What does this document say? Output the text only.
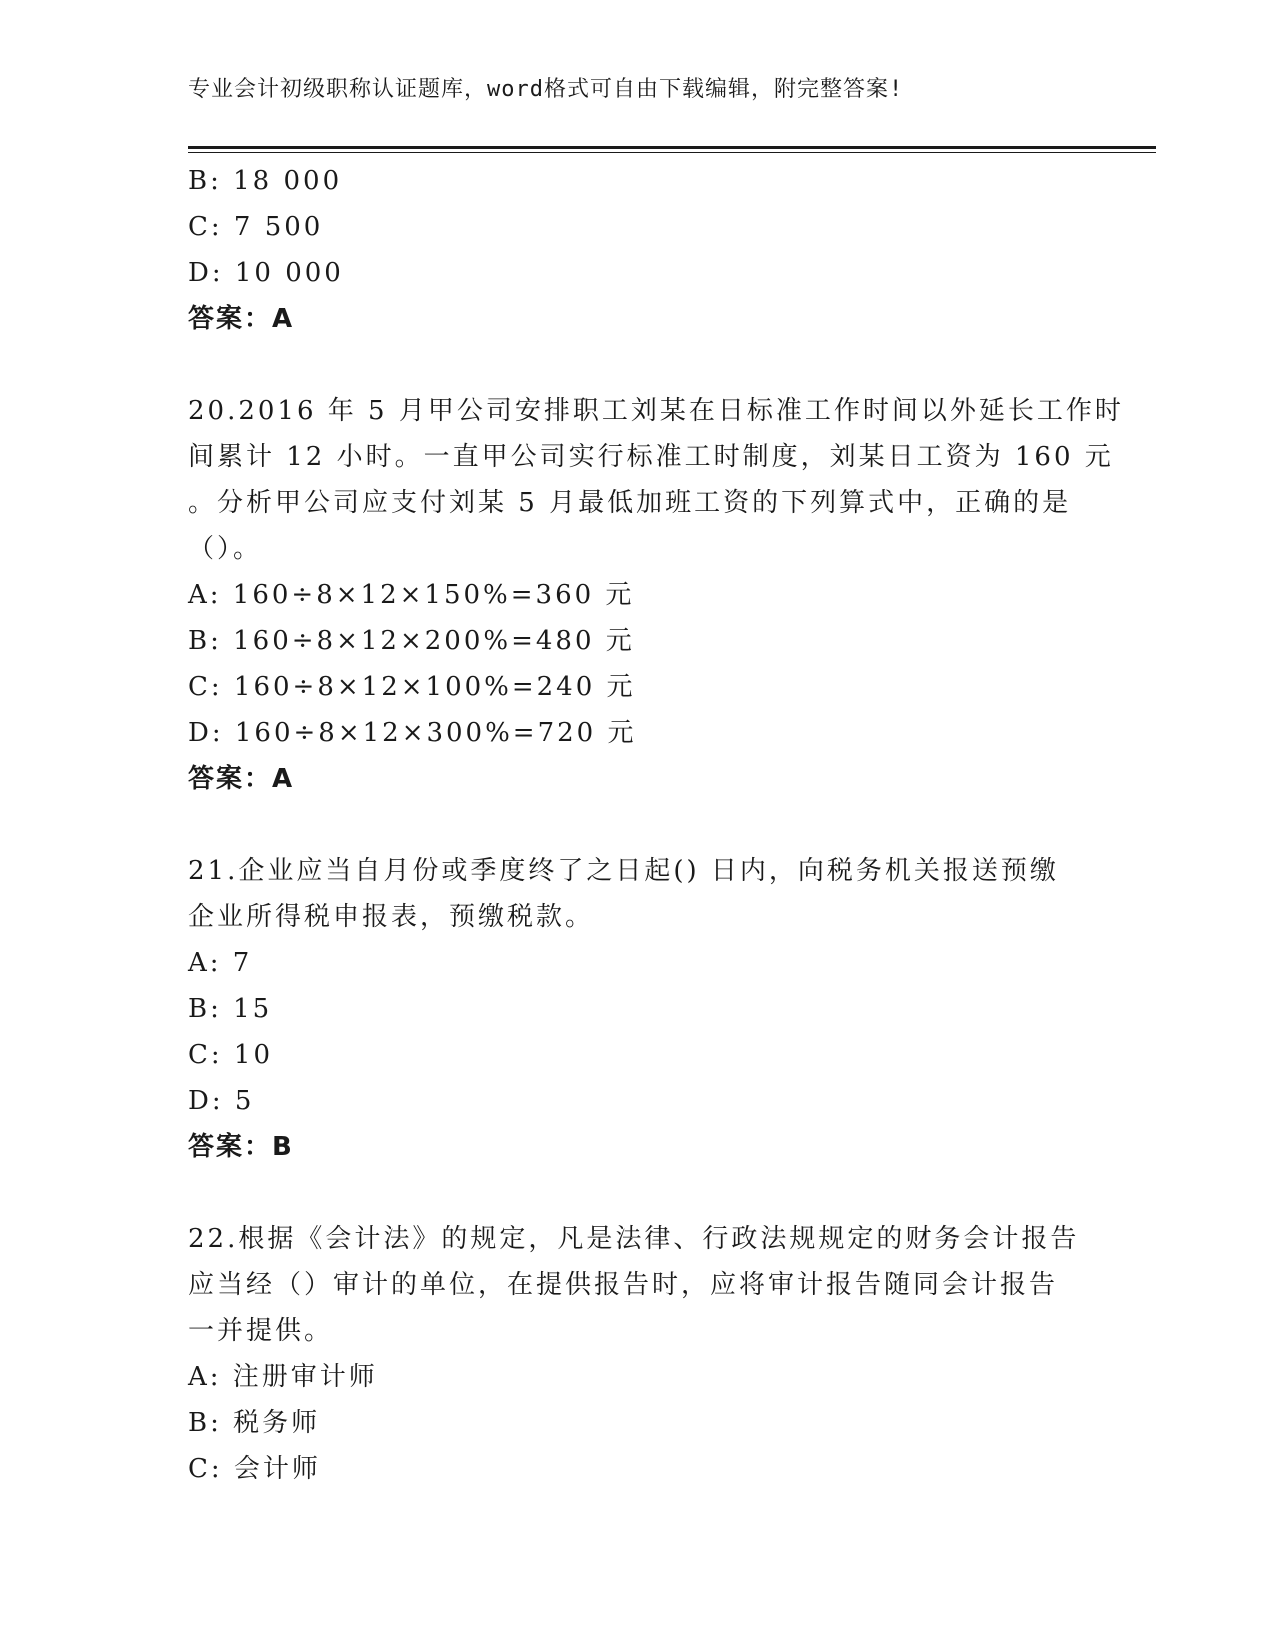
专业会计初级职称认证题库，word格式可自由下载编辑，附完整答案!
B: 18 000
C: 7 500
D: 10 000
答案：A
20.2016 年 5 月甲公司安排职工刘某在日标准工作时间以外延长工作时
间累计 12 小时。一直甲公司实行标准工时制度，刘某日工资为 160 元
。分析甲公司应支付刘某 5 月最低加班工资的下列算式中，正确的是
（）。
A: 160÷8×12×150%=360 元
B: 160÷8×12×200%=480 元
C: 160÷8×12×100%=240 元
D: 160÷8×12×300%=720 元
答案：A
21.企业应当自月份或季度终了之日起() 日内，向税务机关报送预缴
企业所得税申报表，预缴税款。
A: 7
B: 15
C: 10
D: 5
答案：B
22.根据《会计法》的规定，凡是法律、行政法规规定的财务会计报告
应当经（）审计的单位，在提供报告时，应将审计报告随同会计报告
一并提供。
A: 注册审计师
B: 税务师
C: 会计师
